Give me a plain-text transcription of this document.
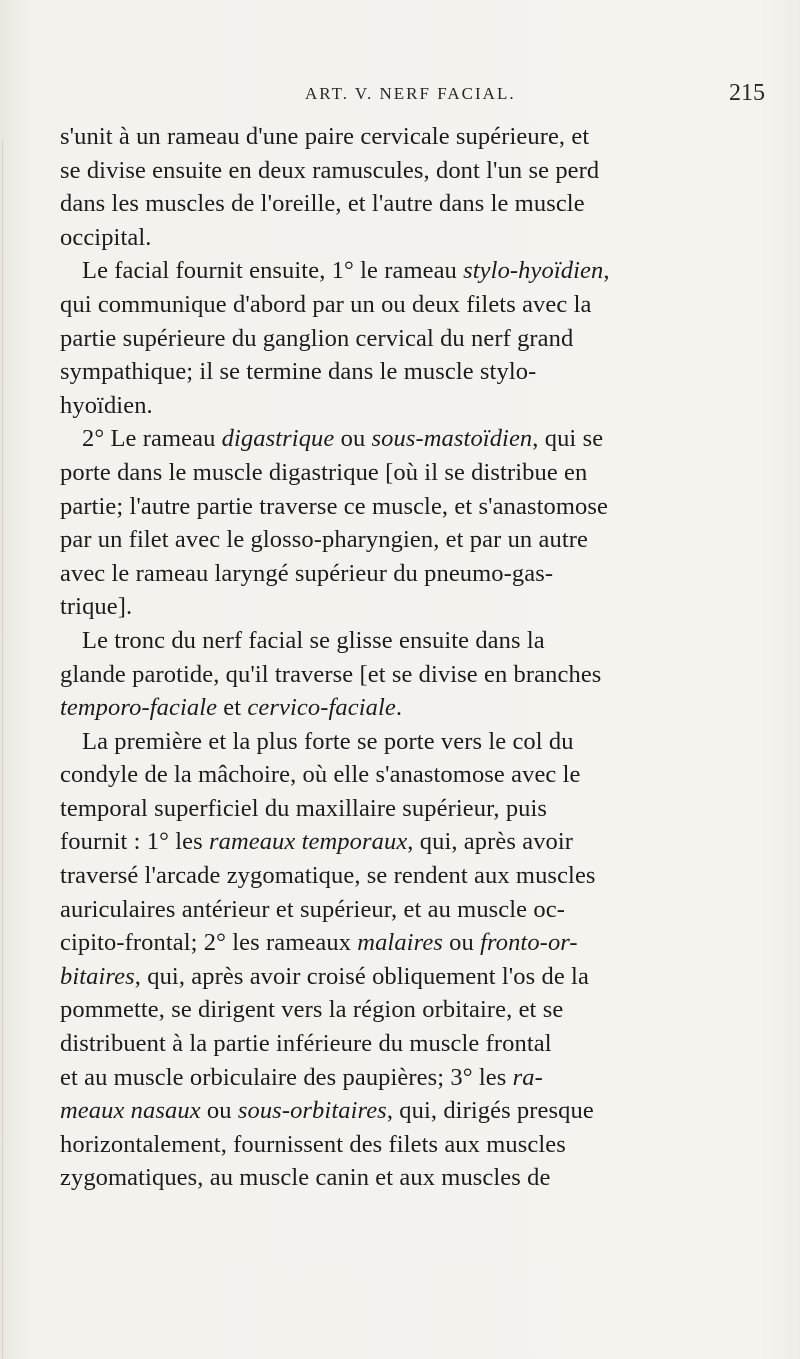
ART. V. NERF FACIAL.	215
s'unit à un rameau d'une paire cervicale supérieure, et
se divise ensuite en deux ramuscules, dont l'un se perd
dans les muscles de l'oreille, et l'autre dans le muscle
occipital.
Le facial fournit ensuite, 1° le rameau stylo-hyoïdien,
qui communique d'abord par un ou deux filets avec la
partie supérieure du ganglion cervical du nerf grand
sympathique; il se termine dans le muscle stylo-
hyoïdien.
2° Le rameau digastrique ou sous-mastoïdien, qui se
porte dans le muscle digastrique [où il se distribue en
partie; l'autre partie traverse ce muscle, et s'anastomose
par un filet avec le glosso-pharyngien, et par un autre
avec le rameau laryngé supérieur du pneumo-gas-
trique].
Le tronc du nerf facial se glisse ensuite dans la
glande parotide, qu'il traverse [et se divise en branches
temporo-faciale et cervico-faciale.
La première et la plus forte se porte vers le col du
condyle de la mâchoire, où elle s'anastomose avec le
temporal superficiel du maxillaire supérieur, puis
fournit : 1° les rameaux temporaux, qui, après avoir
traversé l'arcade zygomatique, se rendent aux muscles
auriculaires antérieur et supérieur, et au muscle oc-
cipito-frontal; 2° les rameaux malaires ou fronto-or-
bitaires, qui, après avoir croisé obliquement l'os de la
pommette, se dirigent vers la région orbitaire, et se
distribuent à la partie inférieure du muscle frontal
et au muscle orbiculaire des paupières; 3° les ra-
meaux nasaux ou sous-orbitaires, qui, dirigés presque
horizontalement, fournissent des filets aux muscles
zygomatiques, au muscle canin et aux muscles de
